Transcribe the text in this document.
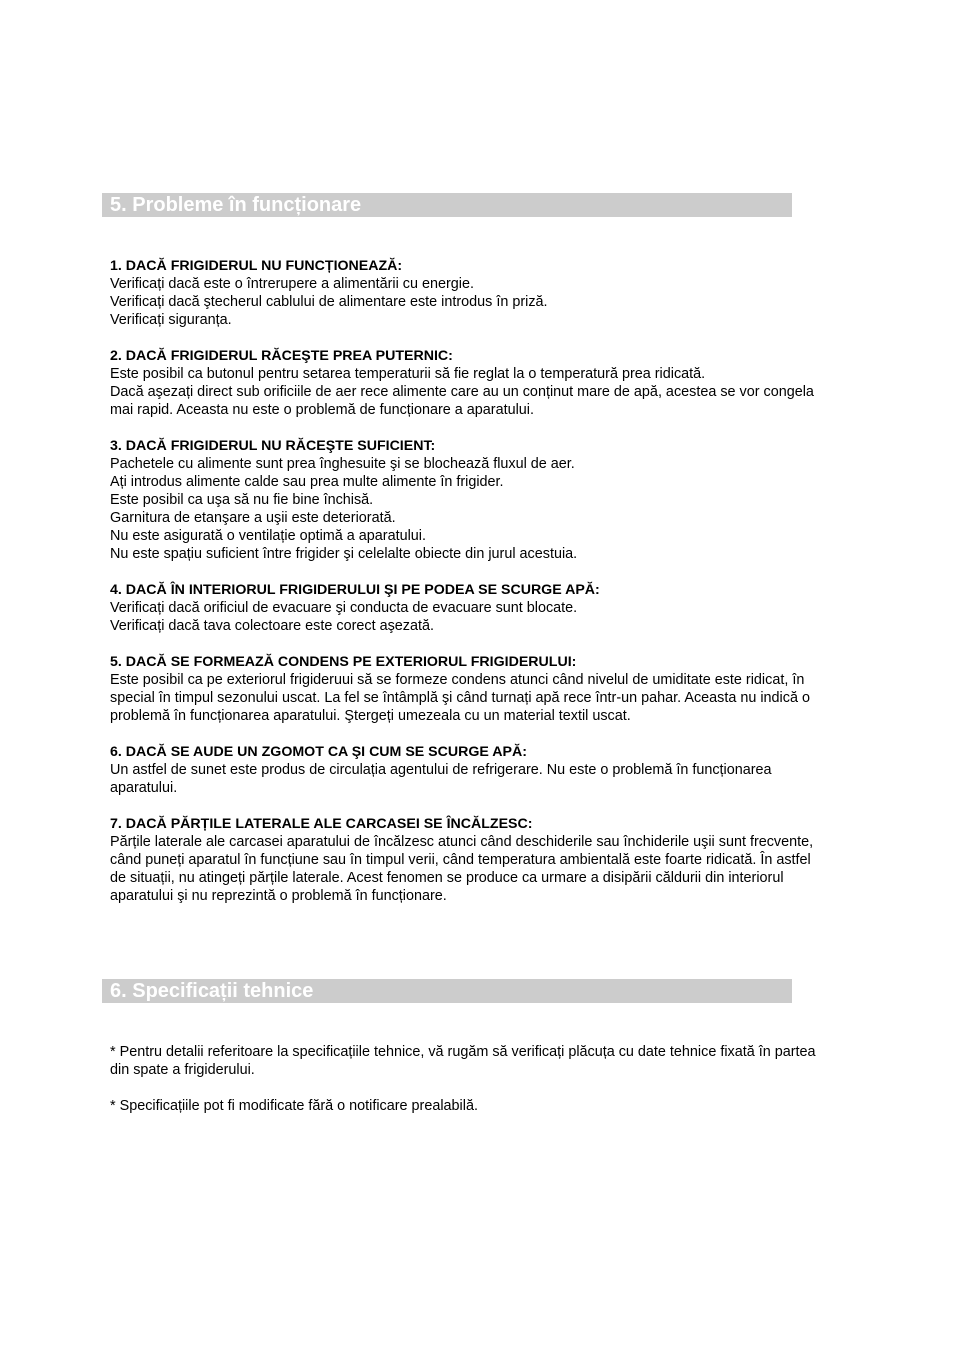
5. Probleme în funcționare
1. DACĂ FRIGIDERUL NU FUNCȚIONEAZĂ:
Verificați dacă este o întrerupere a alimentării cu energie.
Verificați dacă ştecherul cablului de alimentare este introdus în priză.
Verificați siguranța.
2. DACĂ FRIGIDERUL RĂCEŞTE PREA PUTERNIC:
Este posibil ca butonul pentru setarea temperaturii să fie reglat la o temperatură prea ridicată.
Dacă aşezați direct sub orificiile de aer rece alimente care au un conținut mare de apă, acestea se vor congela mai rapid. Aceasta nu este o problemă de funcționare a aparatului.
3. DACĂ FRIGIDERUL NU RĂCEŞTE SUFICIENT:
Pachetele cu alimente sunt prea înghesuite şi se blochează fluxul de aer.
Ați introdus alimente calde sau prea multe alimente în frigider.
Este posibil ca uşa să nu fie bine închisă.
Garnitura de etanşare a uşii este deteriorată.
Nu este asigurată o ventilație optimă a aparatului.
Nu este spațiu suficient între frigider şi celelalte obiecte din jurul acestuia.
4. DACĂ ÎN INTERIORUL FRIGIDERULUI ŞI PE PODEA SE SCURGE APĂ:
Verificați dacă orificiul de evacuare şi conducta de evacuare sunt blocate.
Verificați dacă tava colectoare este corect aşezată.
5. DACĂ SE FORMEAZĂ CONDENS PE EXTERIORUL FRIGIDERULUI:
Este posibil ca pe exteriorul frigideruui să se formeze condens atunci când nivelul de umiditate este ridicat, în special în timpul sezonului uscat. La fel se întâmplă şi când turnați apă rece într-un pahar. Aceasta nu indică o problemă în funcționarea aparatului. Ştergeți umezeala cu un material textil uscat.
6. DACĂ SE AUDE UN ZGOMOT CA ŞI CUM SE SCURGE APĂ:
Un astfel de sunet este produs de circulația agentului de refrigerare. Nu este o problemă în funcționarea aparatului.
7. DACĂ PĂRȚILE LATERALE ALE CARCASEI SE ÎNCĂLZESC:
Părțile laterale ale carcasei aparatului de încălzesc atunci când deschiderile sau închiderile uşii sunt frecvente, când puneți aparatul în funcțiune sau în timpul verii, când temperatura ambientală este foarte ridicată. În astfel de situații, nu atingeți părțile laterale. Acest fenomen se produce ca urmare a disipării căldurii din interiorul aparatului şi nu reprezintă o problemă în funcționare.
6. Specificații tehnice
* Pentru detalii referitoare la specificațiile tehnice, vă rugăm să verificați plăcuța cu date tehnice fixată în partea din spate a frigiderului.
* Specificațiile pot fi modificate fără o notificare prealabilă.
